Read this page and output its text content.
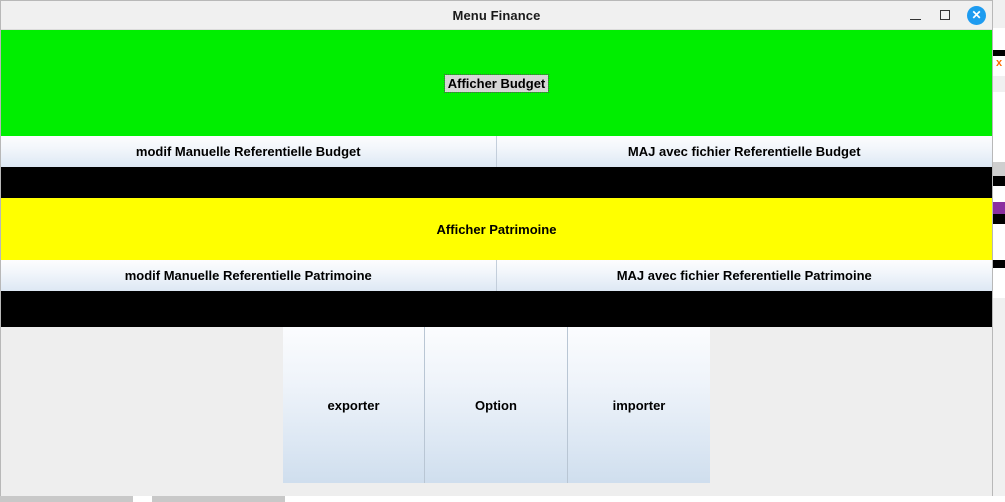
x
Menu Finance	✕
Afficher Budget
modif Manuelle Referentielle Budget	MAJ avec fichier Referentielle Budget
Afficher Patrimoine
modif Manuelle Referentielle Patrimoine	MAJ avec fichier Referentielle Patrimoine
exporter	Option	importer
